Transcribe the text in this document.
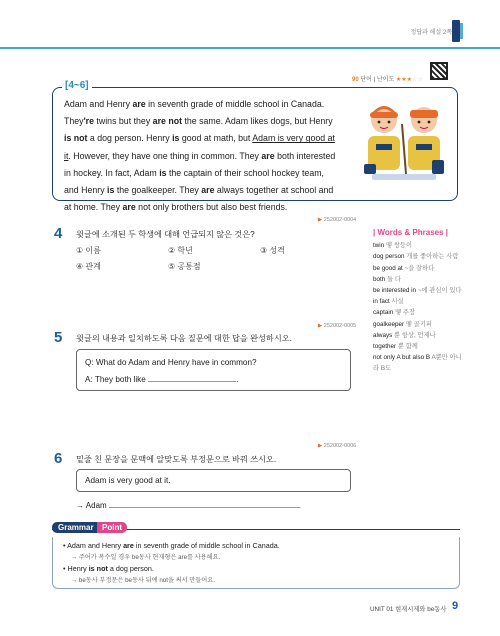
정답과 해설 2쪽
90 단어 | 난이도 ★★★☆☆
[4~6]

Adam and Henry are in seventh grade of middle school in Canada.

They're twins but they are not the same. Adam likes dogs, but Henry

is not a dog person. Henry is good at math, but Adam is very good at

it. However, they have one thing in common. They are both interested

in hockey. In fact, Adam is the captain of their school hockey team,

and Henry is the goalkeeper. They are always together at school and

at home. They are not only brothers but also best friends.

▶ 252002-0004
4 윗글에 소개된 두 학생에 대해 언급되지 않은 것은?
① 이름	② 학년	③ 성격
④ 관계	⑤ 공통점
▶ 252002-0005
5 윗글의 내용과 일치하도록 다음 질문에 대한 답을 완성하시오.
Q: What do Adam and Henry have in common?
A: They both like	.
▶ 252002-0006
6 밑줄 친 문장을 문맥에 알맞도록 부정문으로 바꿔 쓰시오.
Adam is very good at it.
→ Adam	.
| Words & Phrases |
twin 몧 쌍둥이
dog person 개를 좋아하는 사람
be good at ~을 잘하다
both 둘 다
be interested in ~에 관심이 있다
in fact 사실
captain 몧 주장
goalkeeper 몧 골키퍼
always 뿐 항상, 언제나
together 뿐 함께
not only A but also B A뿐만 아니라 B도
Grammar	Point
• Adam and Henry are in seventh grade of middle school in Canada.
→ 주어가 복수일 경우 be동사 현재형은 are를 사용해요.
• Henry is not a dog person.
→ be동사 부정문은 be동사 뒤에 not을 써서 만들어요.
UNIT 01 현재시제와 be동사 9
